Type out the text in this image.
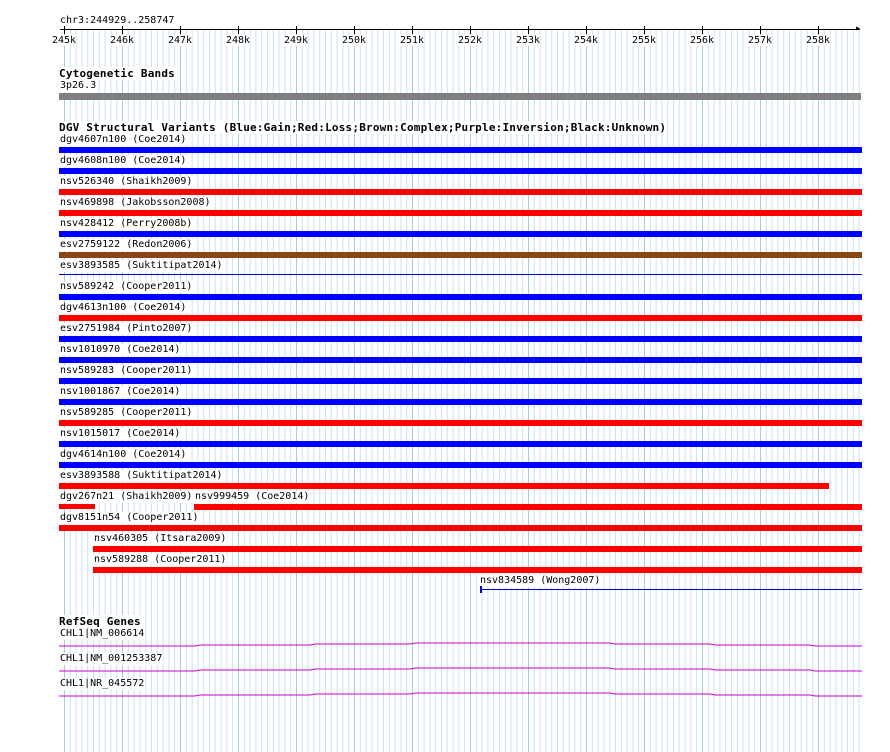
chr3:244929..258747
245k	246k	247k	248k	249k	250k	251k	252k	253k	254k	255k	256k	257k	258k
▸
Cytogenetic Bands
3p26.3
DGV Structural Variants (Blue:Gain;Red:Loss;Brown:Complex;Purple:Inversion;Black:Unknown)
dgv4607n100 (Coe2014)
dgv4608n100 (Coe2014)
nsv526340 (Shaikh2009)
nsv469898 (Jakobsson2008)
nsv428412 (Perry2008b)
esv2759122 (Redon2006)
esv3893585 (Suktitipat2014)
nsv589242 (Cooper2011)
dgv4613n100 (Coe2014)
esv2751984 (Pinto2007)
nsv1010970 (Coe2014)
nsv589283 (Cooper2011)
nsv1001867 (Coe2014)
nsv589285 (Cooper2011)
nsv1015017 (Coe2014)
dgv4614n100 (Coe2014)
esv3893588 (Suktitipat2014)
dgv267n21 (Shaikh2009) nsv999459 (Coe2014)
dgv8151n54 (Cooper2011)
nsv460305 (Itsara2009)
nsv589288 (Cooper2011)
nsv834589 (Wong2007)
RefSeq Genes
CHL1|NM_006614
CHL1|NM_001253387
CHL1|NR_045572
